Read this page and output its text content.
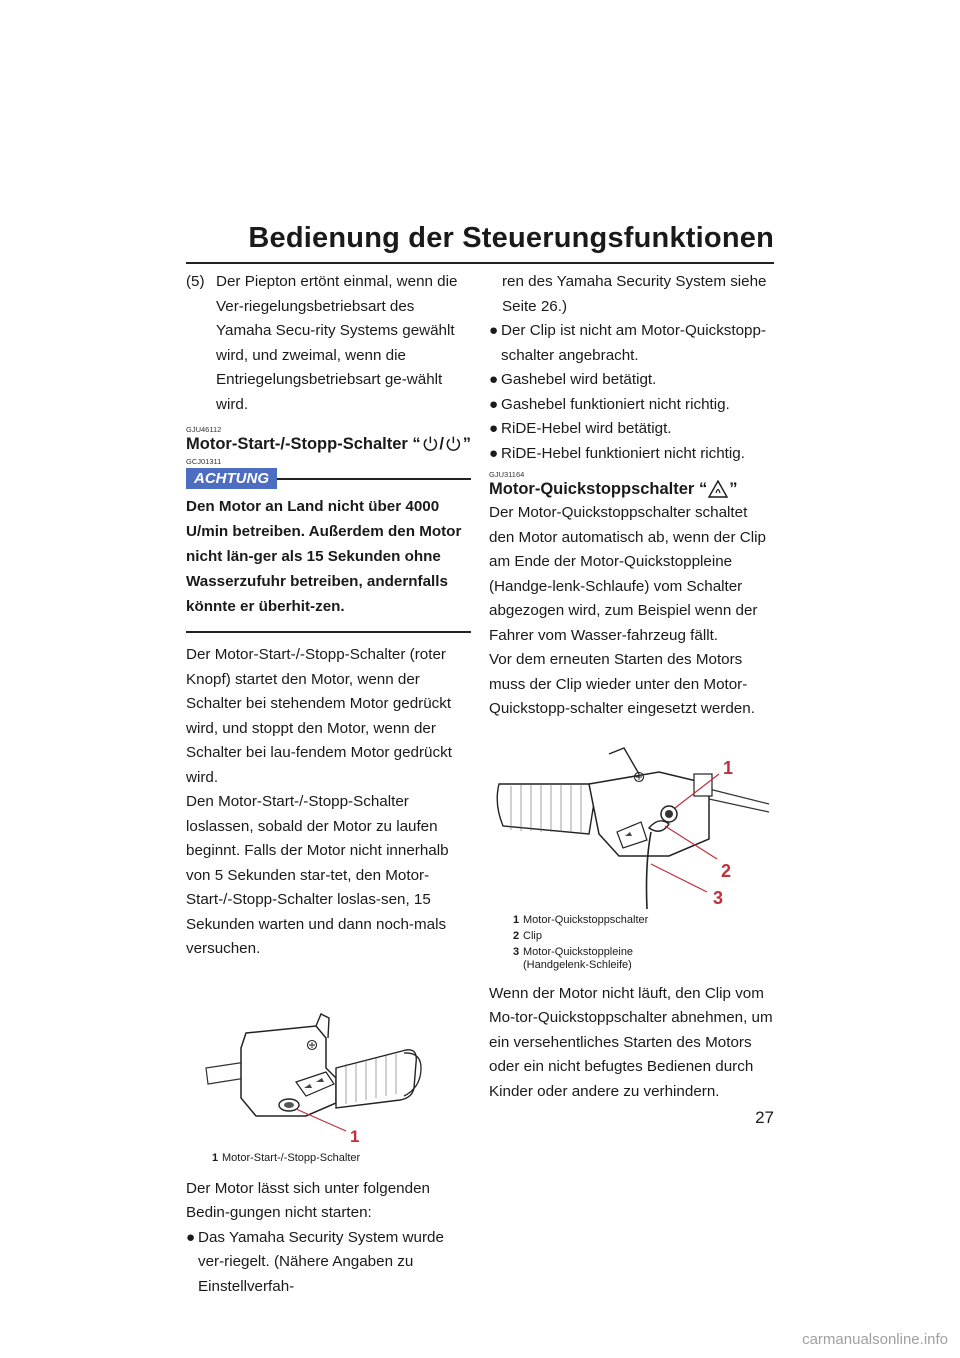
Bedienung der Steuerungsfunktionen
(5) Der Piepton ertönt einmal, wenn die Ver-riegelungsbetriebsart des Yamaha Secu-rity Systems gewählt wird, und zweimal, wenn die Entriegelungsbetriebsart ge-wählt wird.

GJU46112
Motor-Start-/-Stopp-Schalter “ / ”
GCJ01311
ACHTUNG

Den Motor an Land nicht über 4000 U/min betreiben. Außerdem den Motor nicht län-ger als 15 Sekunden ohne Wasserzufuhr betreiben, andernfalls könnte er überhit-zen.

Der Motor-Start-/-Stopp-Schalter (roter Knopf) startet den Motor, wenn der Schalter bei stehendem Motor gedrückt wird, und stoppt den Motor, wenn der Schalter bei lau-fendem Motor gedrückt wird.

Den Motor-Start-/-Stopp-Schalter loslassen, sobald der Motor zu laufen beginnt. Falls der Motor nicht innerhalb von 5 Sekunden star-tet, den Motor-Start-/-Stopp-Schalter loslas-sen, 15 Sekunden warten und dann noch-mals versuchen.

1
1 Motor-Start-/-Stopp-Schalter

Der Motor lässt sich unter folgenden Bedin-gungen nicht starten:

● Das Yamaha Security System wurde ver-riegelt. (Nähere Angaben zu Einstellverfah-

ren des Yamaha Security System siehe Seite 26.)

● Der Clip ist nicht am Motor-Quickstopp-schalter angebracht.

● Gashebel wird betätigt.

● Gashebel funktioniert nicht richtig.

● RiDE-Hebel wird betätigt.

● RiDE-Hebel funktioniert nicht richtig.

GJU31164
Motor-Quickstoppschalter “ ”

Der Motor-Quickstoppschalter schaltet den Motor automatisch ab, wenn der Clip am Ende der Motor-Quickstoppleine (Handge-lenk-Schlaufe) vom Schalter abgezogen wird, zum Beispiel wenn der Fahrer vom Wasser-fahrzeug fällt.

Vor dem erneuten Starten des Motors muss der Clip wieder unter den Motor-Quickstopp-schalter eingesetzt werden.

1
2
3
1 Motor-Quickstoppschalter
2 Clip
3 Motor-Quickstoppleine (Handgelenk-Schleife)

Wenn der Motor nicht läuft, den Clip vom Mo-tor-Quickstoppschalter abnehmen, um ein versehentliches Starten des Motors oder ein nicht befugtes Bedienen durch Kinder oder andere zu verhindern.

27
carmanualsonline.info
